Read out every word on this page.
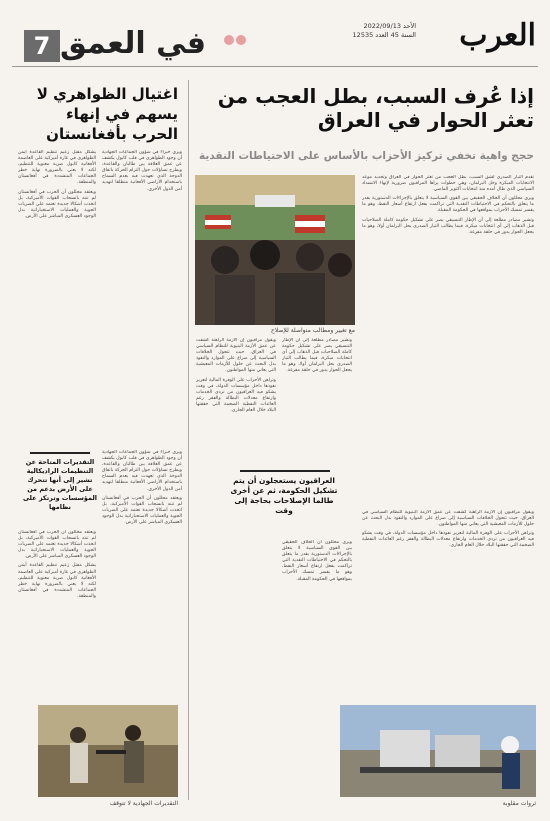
العرب
الأحد 2022/09/13
السنة 45 العدد 12535
7 في العمق
إذا عُرف السبب، بطل العجب من تعثر الحوار في العراق
حجج واهية تخفي تركيز الأحزاب بالأساس على الاحتياطات النقدية
مع تغيير ومطالب متواصلة للإصلاح

تقدم التيار الصدري لشق السبب، بطل العجب من تعثر الحوار في العراق وتحديد موعد الانتخابات المبكرة وحل البرلمان، وهي خطوات يراها المراقبون ضرورية لإنهاء الانسداد السياسي الذي طال أمده منذ انتخابات أكتوبر الماضي.

ويرى محللون أن الخلاف الحقيقي بين القوى السياسية لا يتعلق بالإجراءات الدستورية بقدر ما يتعلق بالتحكم في الاحتياطات النقدية التي تراكمت بفعل ارتفاع أسعار النفط، وهو ما يفسر تمسك الأحزاب بمواقعها في الحكومة المقبلة.

وتشير مصادر مطلعة إلى أن الإطار التنسيقي يصر على تشكيل حكومة كاملة الصلاحيات قبل الذهاب إلى أي انتخابات مبكرة، فيما يطالب التيار الصدري بحل البرلمان أولا، وهو ما يجعل الحوار يدور في حلقة مفرغة.

العراقيون يستعجلون أن يتم تشكيل الحكومة، ثم عن أخرى طالما الإصلاحات بحاجة إلى وقت

ويقول مراقبون إن الأزمة الراهنة كشفت عن عمق الأزمة البنيوية للنظام السياسي في العراق، حيث تتحول الخلافات السياسية إلى صراع على الموارد والنفوذ بدل البحث عن حلول للأزمات المعيشية التي يعاني منها المواطنون.

وتراهن الأحزاب على الوفرة المالية لتعزيز نفوذها داخل مؤسسات الدولة، في وقت يشكو فيه العراقيون من تردي الخدمات وارتفاع معدلات البطالة والفقر رغم العائدات النفطية الضخمة التي حققتها البلاد خلال العام الجاري.

وتشير مصادر مطلعة إلى أن الإطار التنسيقي يصر على تشكيل حكومة كاملة الصلاحيات قبل الذهاب إلى أي انتخابات مبكرة، فيما يطالب التيار الصدري بحل البرلمان أولا، وهو ما يجعل الحوار يدور في حلقة مفرغة.

ويرى محللون أن الخلاف الحقيقي بين القوى السياسية لا يتعلق بالإجراءات الدستورية بقدر ما يتعلق بالتحكم في الاحتياطات النقدية التي تراكمت بفعل ارتفاع أسعار النفط، وهو ما يفسر تمسك الأحزاب بمواقعها في الحكومة المقبلة.

ويقول مراقبون إن الأزمة الراهنة كشفت عن عمق الأزمة البنيوية للنظام السياسي في العراق، حيث تتحول الخلافات السياسية إلى صراع على الموارد والنفوذ بدل البحث عن حلول للأزمات المعيشية التي يعاني منها المواطنون.

وتراهن الأحزاب على الوفرة المالية لتعزيز نفوذها داخل مؤسسات الدولة، في وقت يشكو فيه العراقيون من تردي الخدمات وارتفاع معدلات البطالة والفقر رغم العائدات النفطية الضخمة التي حققتها البلاد خلال العام الجاري.

اغتيال الظواهري لا يسهم في إنهاء الحرب بأفغانستان

يشكل مقتل زعيم تنظيم القاعدة أيمن الظواهري في غارة أميركية على العاصمة الأفغانية كابول ضربة معنوية للتنظيم، لكنه لا يعني بالضرورة نهاية خطر الجماعات المتشددة في أفغانستان والمنطقة.

ويعتقد محللون أن الحرب في أفغانستان لم تنته بانسحاب القوات الأميركية، بل اتخذت أشكالا جديدة تعتمد على الضربات الجوية والعمليات الاستخباراتية بدل الوجود العسكري المباشر على الأرض.

ويرى خبراء في شؤون الجماعات الجهادية أن وجود الظواهري في قلب كابول يكشف عن عمق العلاقة بين طالبان والقاعدة، ويطرح تساؤلات حول التزام الحركة باتفاق الدوحة الذي تعهدت فيه بعدم السماح باستخدام الأراضي الأفغانية منطلقا لتهديد أمن الدول الأخرى.

التقديرات المتاحة عن التنظيمات الراديكالية تشير إلى أنها تتحرك على الأرض بدعم من المؤسسات وترتكز على نظامها

ويعتقد محللون أن الحرب في أفغانستان لم تنته بانسحاب القوات الأميركية، بل اتخذت أشكالا جديدة تعتمد على الضربات الجوية والعمليات الاستخباراتية بدل الوجود العسكري المباشر على الأرض.

يشكل مقتل زعيم تنظيم القاعدة أيمن الظواهري في غارة أميركية على العاصمة الأفغانية كابول ضربة معنوية للتنظيم، لكنه لا يعني بالضرورة نهاية خطر الجماعات المتشددة في أفغانستان والمنطقة.

ويرى خبراء في شؤون الجماعات الجهادية أن وجود الظواهري في قلب كابول يكشف عن عمق العلاقة بين طالبان والقاعدة، ويطرح تساؤلات حول التزام الحركة باتفاق الدوحة الذي تعهدت فيه بعدم السماح باستخدام الأراضي الأفغانية منطلقا لتهديد أمن الدول الأخرى.

ويعتقد محللون أن الحرب في أفغانستان لم تنته بانسحاب القوات الأميركية، بل اتخذت أشكالا جديدة تعتمد على الضربات الجوية والعمليات الاستخباراتية بدل الوجود العسكري المباشر على الأرض.

التقديرات الجهادية لا تتوقف	ثروات مقلوبة
